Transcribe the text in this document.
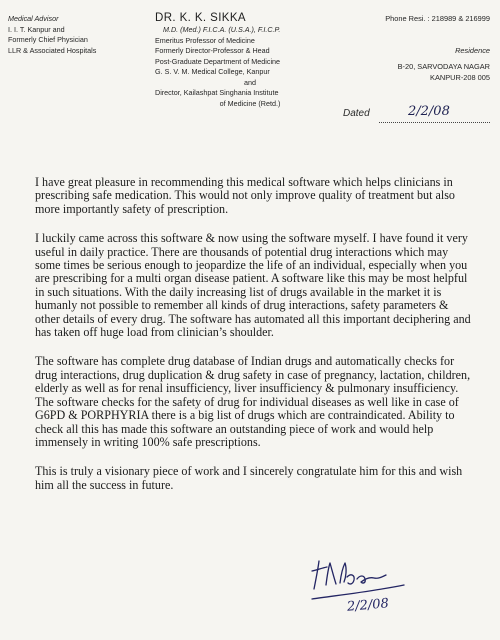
Medical Advisor
I. I. T. Kanpur and
Formerly Chief Physician
LLR & Associated Hospitals
DR. K. K. SIKKA
M.D. (Med.) F.I.C.A. (U.S.A.), F.I.C.P.
Emeritus Professor of Medicine
Formerly Director-Professor & Head
Post-Graduate Department of Medicine
G. S. V. M. Medical College, Kanpur
and
Director, Kailashpat Singhania Institute
of Medicine (Retd.)
Phone Resi. : 218989 & 216999
Residence
B-20, SARVODAYA NAGAR
KANPUR-208 005
Dated	2/2/08

I have great pleasure in recommending this medical software which helps clinicians in prescribing safe medication. This would not only improve quality of treatment but also more importantly safety of prescription.

I luckily came across this software & now using the software myself. I have found it very useful in daily practice. There are thousands of potential drug interactions which may some times be serious enough to jeopardize the life of an individual, especially when you are prescribing for a multi organ disease patient. A software like this may be most helpful in such situations. With the daily increasing list of drugs available in the market it is humanly not possible to remember all kinds of drug interactions, safety parameters & other details of every drug. The software has automated all this important deciphering and has taken off huge load from clinician’s shoulder.

The software has complete drug database of Indian drugs and automatically checks for drug interactions, drug duplication & drug safety in case of pregnancy, lactation, children, elderly as well as for renal insufficiency, liver insufficiency & pulmonary insufficiency. The software checks for the safety of drug for individual diseases as well like in case of G6PD & PORPHYRIA there is a big list of drugs which are contraindicated. Ability to check all this has made this software an outstanding piece of work and would help immensely in writing 100% safe prescriptions.

This is truly a visionary piece of work and I sincerely congratulate him for this and wish him all the success in future.

2/2/08
